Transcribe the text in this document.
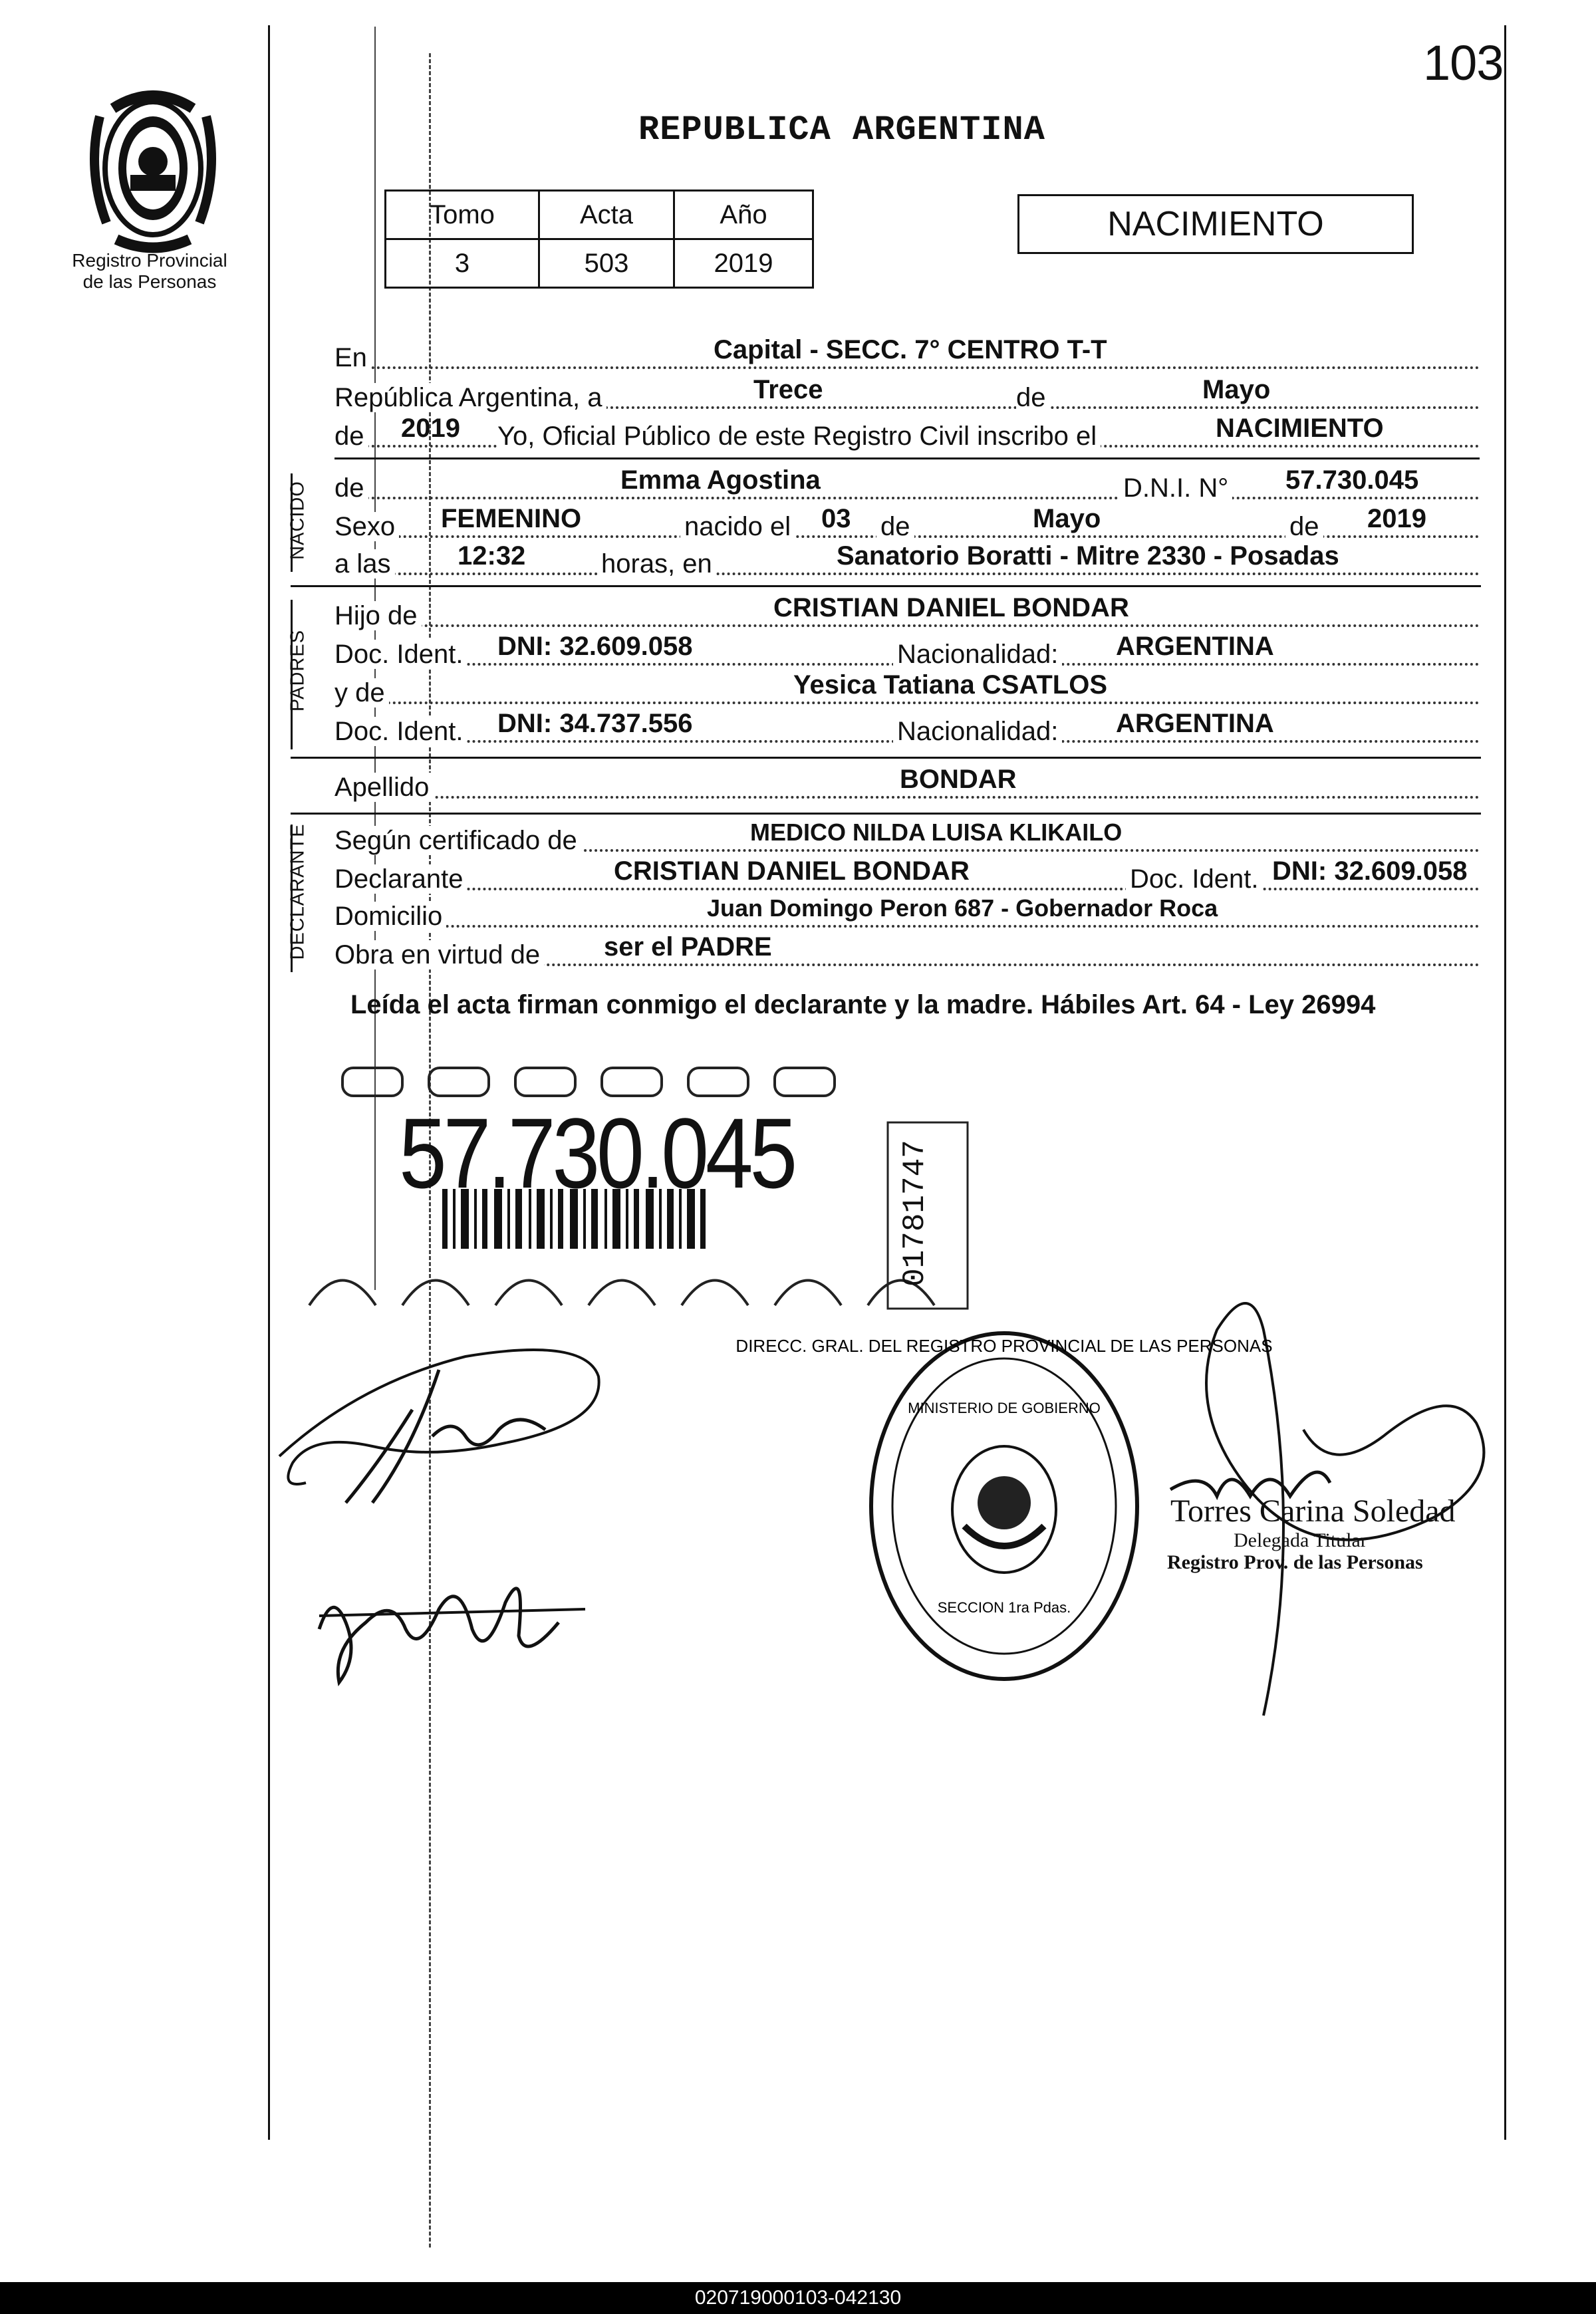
103
REPUBLICA ARGENTINA
Registro Provincial
de las Personas
Tomo	Acta	Año
3	503	2019
NACIMIENTO
En	Capital - SECC. 7° CENTRO T-T
República Argentina, a	Trece	de	Mayo
de 2019 Yo, Oficial Público de este Registro Civil inscribo el	NACIMIENTO
NACIDO de	Emma Agostina	D.N.I. N° 57.730.045
Sexo FEMENINO	nacido el 03 de	Mayo	de 2019
a las	12:32	horas, en	Sanatorio Boratti - Mitre 2330 - Posadas
PADRES
Hijo de	CRISTIAN DANIEL BONDAR
Doc. Ident. DNI: 32.609.058	Nacionalidad: ARGENTINA
y de	Yesica Tatiana CSATLOS
Doc. Ident. DNI: 34.737.556	Nacionalidad: ARGENTINA
Apellido	BONDAR
DECLARANTE Según certificado de	MEDICO NILDA LUISA KLIKAILO
Declarante	CRISTIAN DANIEL BONDAR	Doc. Ident. DNI: 32.609.058
Domicilio	Juan Domingo Peron 687 - Gobernador Roca
Obra en virtud de ser el PADRE
Leída el acta firman conmigo el declarante y la madre. Hábiles Art. 64 - Ley 26994
57.730.045	01781747
DIRECC. GRAL. DEL REGISTRO PROVINCIAL DE LAS PERSONAS
MINISTERIO DE GOBIERNO
SECCION 1ra Pdas.
Torres Carina Soledad
Delegada Titular
Registro Prov. de las Personas
020719000103-042130
